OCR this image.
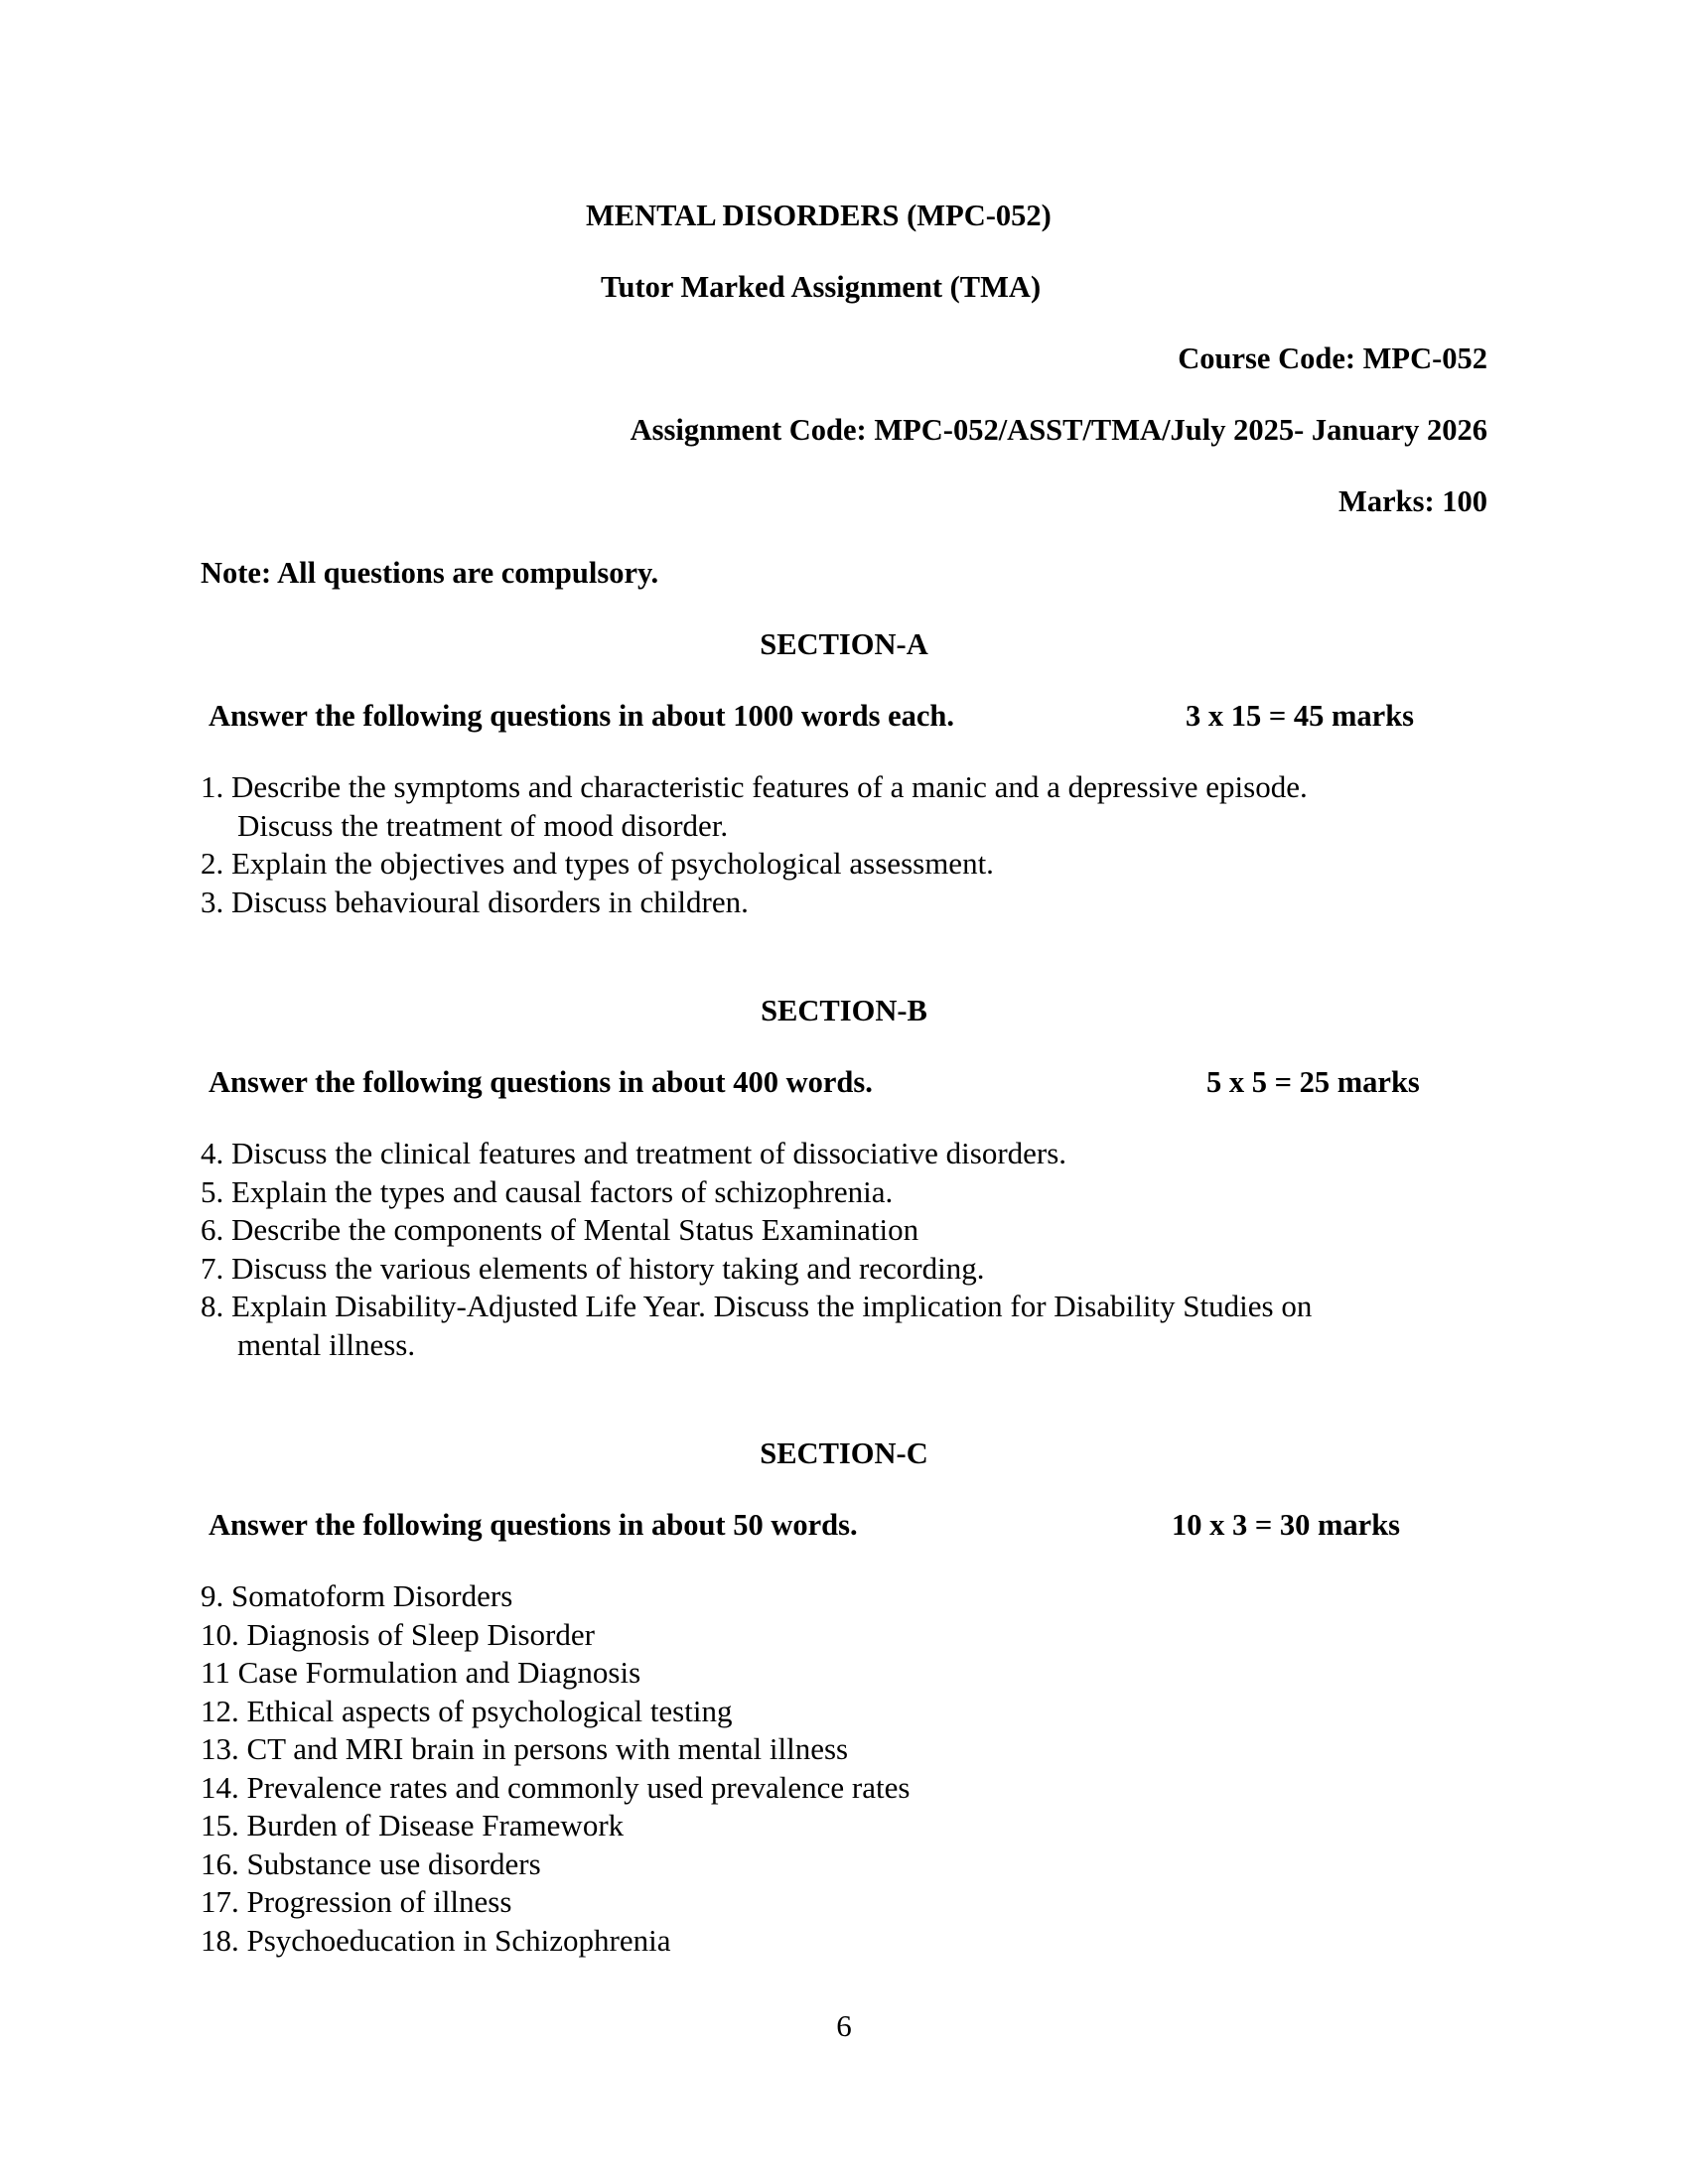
MENTAL DISORDERS (MPC-052)
Tutor Marked Assignment (TMA)
Course Code: MPC-052
Assignment Code: MPC-052/ASST/TMA/July 2025- January 2026
Marks: 100
Note: All questions are compulsory.
SECTION-A
Answer the following questions in about 1000 words each.	3 x 15 = 45 marks
1. Describe the symptoms and characteristic features of a manic and a depressive episode.
Discuss the treatment of mood disorder.
2. Explain the objectives and types of psychological assessment.
3. Discuss behavioural disorders in children.
SECTION-B
Answer the following questions in about 400 words.	5 x 5 = 25 marks
4. Discuss the clinical features and treatment of dissociative disorders.
5. Explain the types and causal factors of schizophrenia.
6. Describe the components of Mental Status Examination
7. Discuss the various elements of history taking and recording.
8. Explain Disability-Adjusted Life Year. Discuss the implication for Disability Studies on
mental illness.
SECTION-C
Answer the following questions in about 50 words.	10 x 3 = 30 marks
9. Somatoform Disorders
10. Diagnosis of Sleep Disorder
11 Case Formulation and Diagnosis
12. Ethical aspects of psychological testing
13. CT and MRI brain in persons with mental illness
14. Prevalence rates and commonly used prevalence rates
15. Burden of Disease Framework
16. Substance use disorders
17. Progression of illness
18. Psychoeducation in Schizophrenia
6
